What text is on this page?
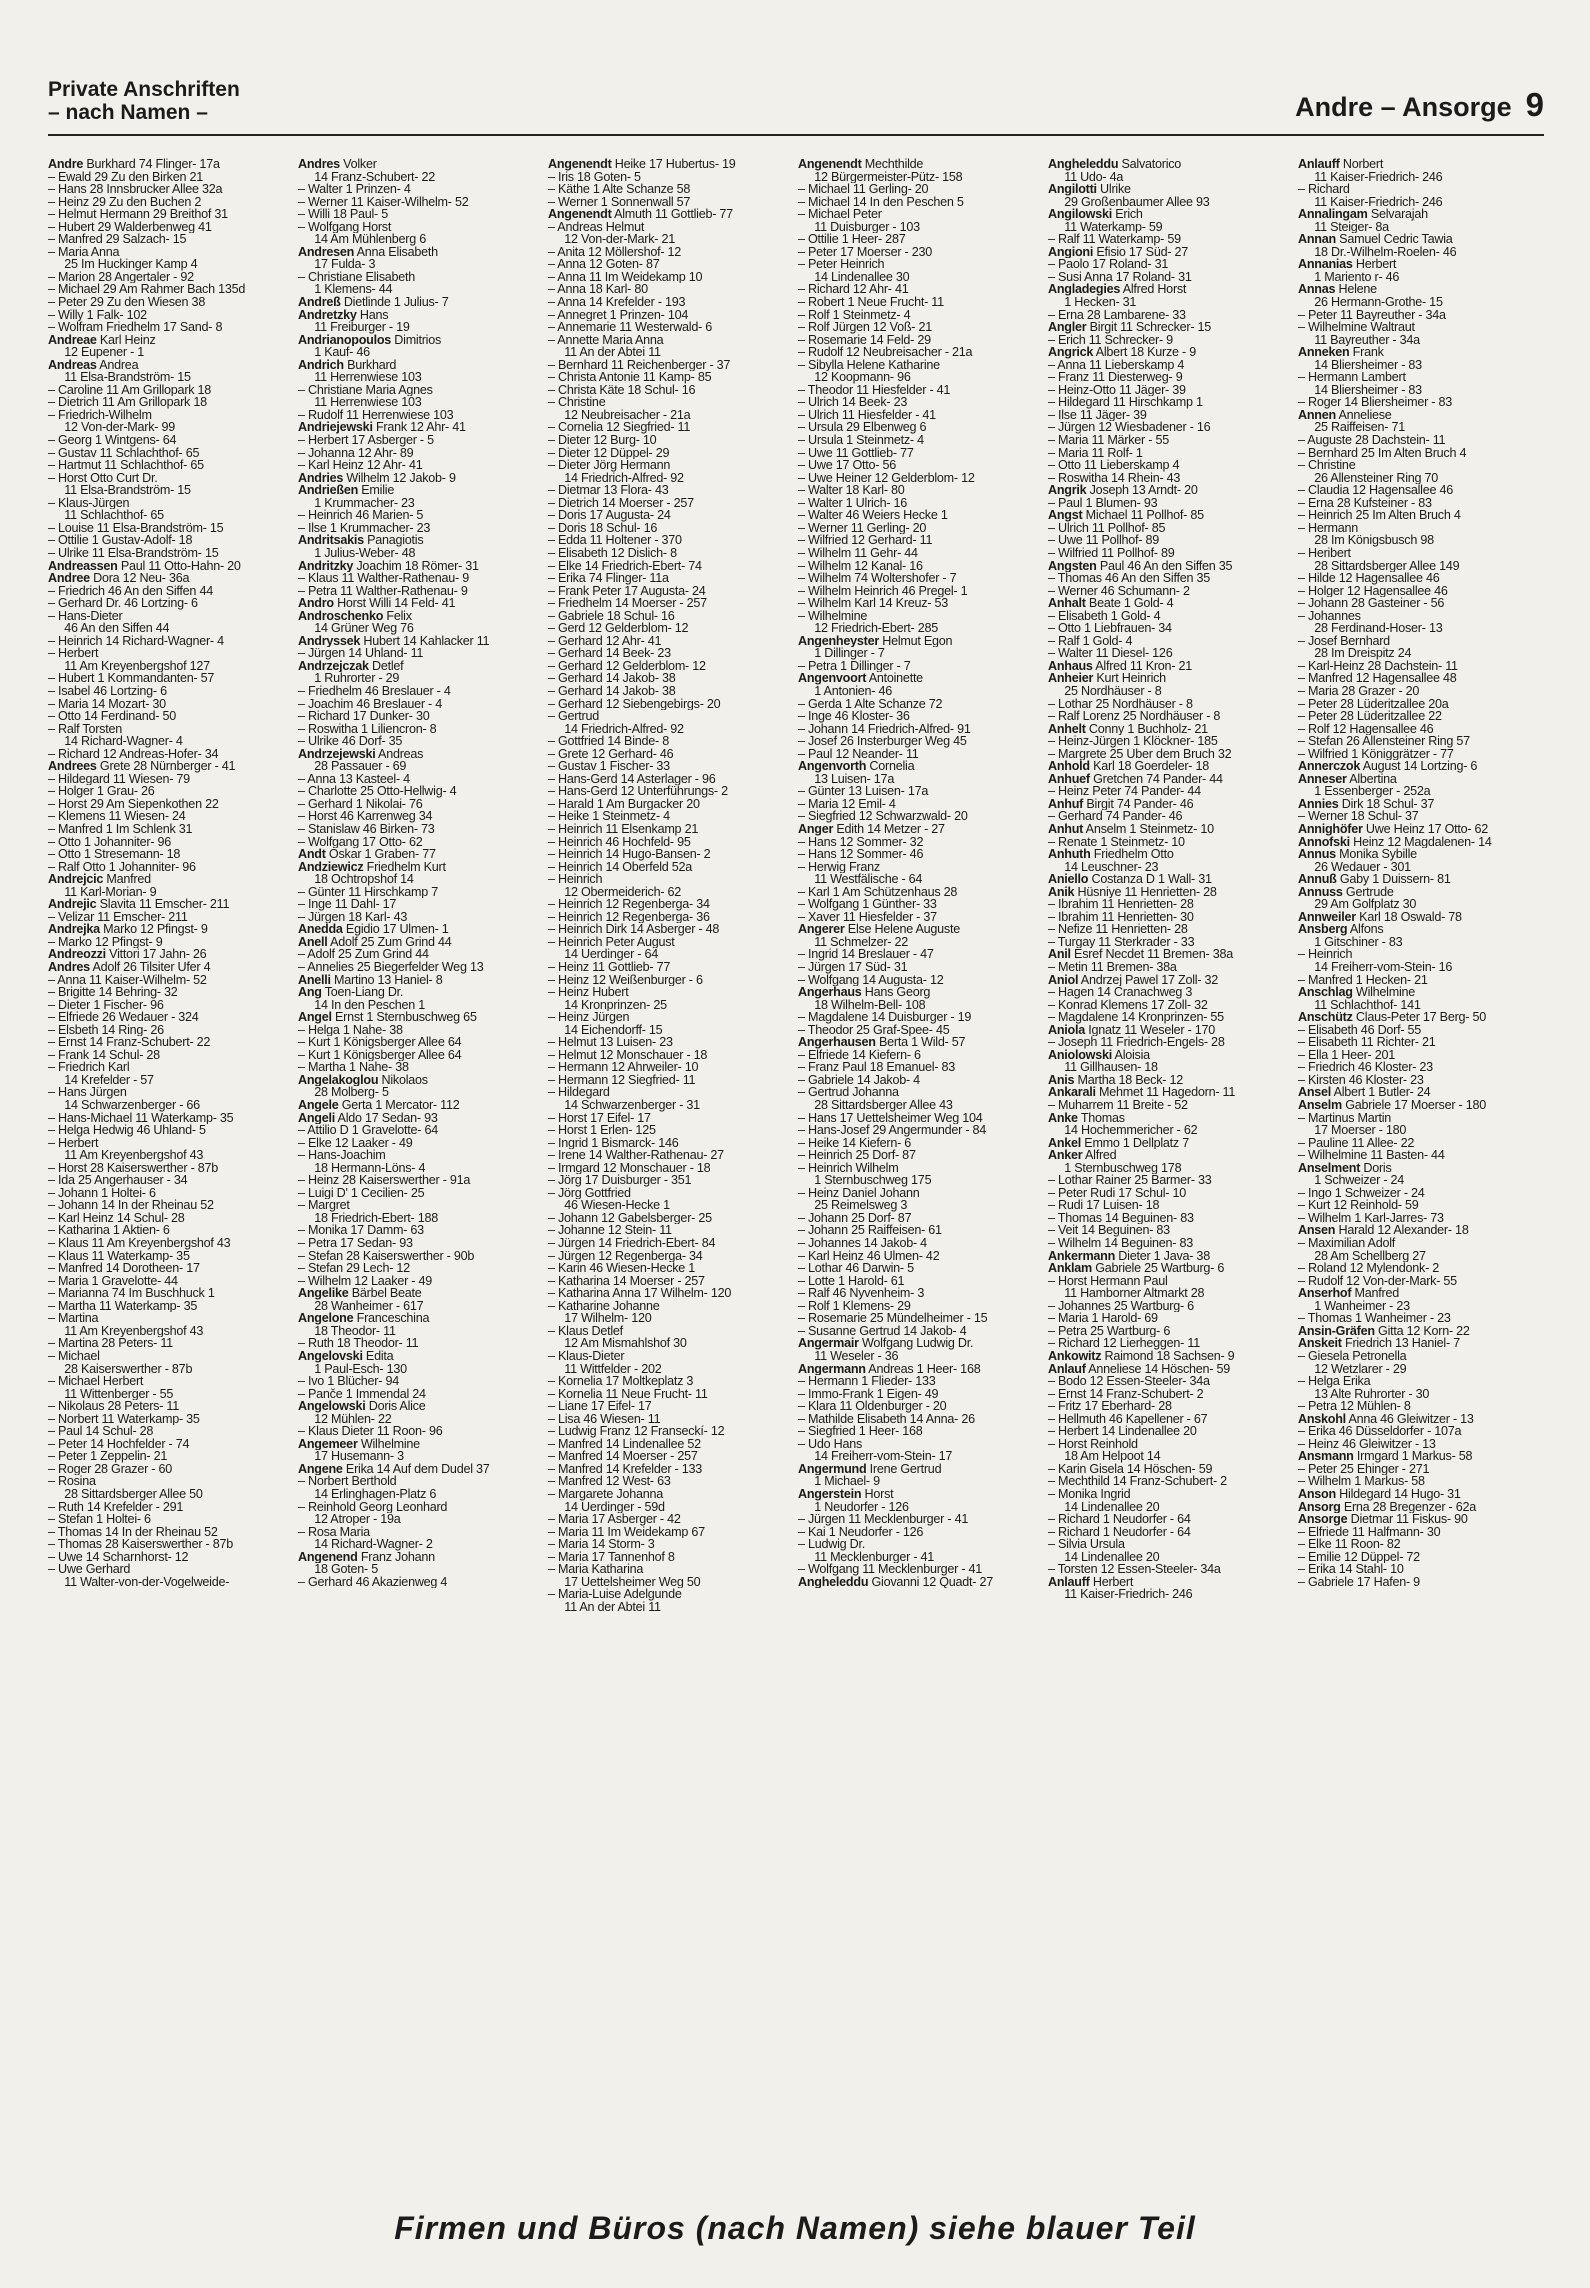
Private Anschriften
– nach Namen –	Andre – Ansorge 9
Andre Burkhard 74 Flinger- 17a
– Ewald 29 Zu den Birken 21
– Hans 28 Innsbrucker Allee 32a
– Heinz 29 Zu den Buchen 2
– Helmut Hermann 29 Breithof 31
– Hubert 29 Walderbenweg 41
– Manfred 29 Salzach- 15
– Maria Anna
25 Im Huckinger Kamp 4
– Marion 28 Angertaler - 92
– Michael 29 Am Rahmer Bach 135d
– Peter 29 Zu den Wiesen 38
– Willy 1 Falk- 102
– Wolfram Friedhelm 17 Sand- 8
Andreae Karl Heinz
12 Eupener - 1
Andreas Andrea
11 Elsa-Brandström- 15
– Caroline 11 Am Grillopark 18
– Dietrich 11 Am Grillopark 18
– Friedrich-Wilhelm
12 Von-der-Mark- 99
– Georg 1 Wintgens- 64
– Gustav 11 Schlachthof- 65
– Hartmut 11 Schlachthof- 65
– Horst Otto Curt Dr.
11 Elsa-Brandström- 15
– Klaus-Jürgen
11 Schlachthof- 65
– Louise 11 Elsa-Brandström- 15
– Ottilie 1 Gustav-Adolf- 18
– Ulrike 11 Elsa-Brandström- 15
Andreassen Paul 11 Otto-Hahn- 20
Andree Dora 12 Neu- 36a
– Friedrich 46 An den Siffen 44
– Gerhard Dr. 46 Lortzing- 6
– Hans-Dieter
46 An den Siffen 44
– Heinrich 14 Richard-Wagner- 4
– Herbert
11 Am Kreyenbergshof 127
– Hubert 1 Kommandanten- 57
– Isabel 46 Lortzing- 6
– Maria 14 Mozart- 30
– Otto 14 Ferdinand- 50
– Ralf Torsten
14 Richard-Wagner- 4
– Richard 12 Andreas-Hofer- 34
Andrees Grete 28 Nürnberger - 41
– Hildegard 11 Wiesen- 79
– Holger 1 Grau- 26
– Horst 29 Am Siepenkothen 22
– Klemens 11 Wiesen- 24
– Manfred 1 Im Schlenk 31
– Otto 1 Johanniter- 96
– Otto 1 Stresemann- 18
– Ralf Otto 1 Johanniter- 96
Andrejcic Manfred
11 Karl-Morian- 9
Andrejic Slavita 11 Emscher- 211
– Velizar 11 Emscher- 211
Andrejka Marko 12 Pfingst- 9
– Marko 12 Pfingst- 9
Andreozzi Vittori 17 Jahn- 26
Andres Adolf 26 Tilsiter Ufer 4
– Anna 11 Kaiser-Wilhelm- 52
– Brigitte 14 Behring- 32
– Dieter 1 Fischer- 96
– Elfriede 26 Wedauer - 324
– Elsbeth 14 Ring- 26
– Ernst 14 Franz-Schubert- 22
– Frank 14 Schul- 28
– Friedrich Karl
14 Krefelder - 57
– Hans Jürgen
14 Schwarzenberger - 66
– Hans-Michael 11 Waterkamp- 35
– Helga Hedwig 46 Uhland- 5
– Herbert
11 Am Kreyenbergshof 43
– Horst 28 Kaiserswerther - 87b
– Ida 25 Angerhauser - 34
– Johann 1 Holtei- 6
– Johann 14 In der Rheinau 52
– Karl Heinz 14 Schul- 28
– Katharina 1 Aktien- 6
– Klaus 11 Am Kreyenbergshof 43
– Klaus 11 Waterkamp- 35
– Manfred 14 Dorotheen- 17
– Maria 1 Gravelotte- 44
– Marianna 74 Im Buschhuck 1
– Martha 11 Waterkamp- 35
– Martina
11 Am Kreyenbergshof 43
– Martina 28 Peters- 11
– Michael
28 Kaiserswerther - 87b
– Michael Herbert
11 Wittenberger - 55
– Nikolaus 28 Peters- 11
– Norbert 11 Waterkamp- 35
– Paul 14 Schul- 28
– Peter 14 Hochfelder - 74
– Peter 1 Zeppelin- 21
– Roger 28 Grazer - 60
– Rosina
28 Sittardsberger Allee 50
– Ruth 14 Krefelder - 291
– Stefan 1 Holtei- 6
– Thomas 14 In der Rheinau 52
– Thomas 28 Kaiserswerther - 87b
– Uwe 14 Scharnhorst- 12
– Uwe Gerhard
11 Walter-von-der-Vogelweide-
Andres Volker
14 Franz-Schubert- 22
– Walter 1 Prinzen- 4
– Werner 11 Kaiser-Wilhelm- 52
– Willi 18 Paul- 5
– Wolfgang Horst
14 Am Mühlenberg 6
Andresen Anna Elisabeth
17 Fulda- 3
– Christiane Elisabeth
1 Klemens- 44
Andreß Dietlinde 1 Julius- 7
Andretzky Hans
11 Freiburger - 19
Andrianopoulos Dimitrios
1 Kauf- 46
Andrich Burkhard
11 Herrenwiese 103
– Christiane Maria Agnes
11 Herrenwiese 103
– Rudolf 11 Herrenwiese 103
Andriejewski Frank 12 Ahr- 41
– Herbert 17 Asberger - 5
– Johanna 12 Ahr- 89
– Karl Heinz 12 Ahr- 41
Andries Wilhelm 12 Jakob- 9
Andrießen Emilie
1 Krummacher- 23
– Heinrich 46 Marien- 5
– Ilse 1 Krummacher- 23
Andritsakis Panagiotis
1 Julius-Weber- 48
Andritzky Joachim 18 Römer- 31
– Klaus 11 Walther-Rathenau- 9
– Petra 11 Walther-Rathenau- 9
Andro Horst Willi 14 Feld- 41
Androschenko Felix
14 Grüner Weg 76
Andryssek Hubert 14 Kahlacker 11
– Jürgen 14 Uhland- 11
Andrzejczak Detlef
1 Ruhrorter - 29
– Friedhelm 46 Breslauer - 4
– Joachim 46 Breslauer - 4
– Richard 17 Dunker- 30
– Roswitha 1 Liliencron- 8
– Ulrike 46 Dorf- 35
Andrzejewski Andreas
28 Passauer - 69
– Anna 13 Kasteel- 4
– Charlotte 25 Otto-Hellwig- 4
– Gerhard 1 Nikolai- 76
– Horst 46 Karrenweg 34
– Stanislaw 46 Birken- 73
– Wolfgang 17 Otto- 62
Andt Oskar 1 Graben- 77
Andziewicz Friedhelm Kurt
18 Ochtropshof 14
– Günter 11 Hirschkamp 7
– Inge 11 Dahl- 17
– Jürgen 18 Karl- 43
Anedda Egidio 17 Ulmen- 1
Anell Adolf 25 Zum Grind 44
– Adolf 25 Zum Grind 44
– Annelies 25 Biegerfelder Weg 13
Anelli Martino 13 Haniel- 8
Ang Toen-Liang Dr.
14 In den Peschen 1
Angel Ernst 1 Sternbuschweg 65
– Helga 1 Nahe- 38
– Kurt 1 Königsberger Allee 64
– Kurt 1 Königsberger Allee 64
– Martha 1 Nahe- 38
Angelakoglou Nikolaos
28 Molberg- 5
Angele Gerta 1 Mercator- 112
Angeli Aldo 17 Sedan- 93
– Attilio D 1 Gravelotte- 64
– Elke 12 Laaker - 49
– Hans-Joachim
18 Hermann-Löns- 4
– Heinz 28 Kaiserswerther - 91a
– Luigi D' 1 Cecilien- 25
– Margret
18 Friedrich-Ebert- 188
– Monika 17 Damm- 63
– Petra 17 Sedan- 93
– Stefan 28 Kaiserswerther - 90b
– Stefan 29 Lech- 12
– Wilhelm 12 Laaker - 49
Angelike Bärbel Beate
28 Wanheimer - 617
Angelone Franceschina
18 Theodor- 11
– Ruth 18 Theodor- 11
Angelovski Edita
1 Paul-Esch- 130
– Ivo 1 Blücher- 94
– Panče 1 Immendal 24
Angelowski Doris Alice
12 Mühlen- 22
– Klaus Dieter 11 Roon- 96
Angemeer Wilhelmine
17 Husemann- 3
Angene Erika 14 Auf dem Dudel 37
– Norbert Berthold
14 Erlinghagen-Platz 6
– Reinhold Georg Leonhard
12 Atroper - 19a
– Rosa Maria
14 Richard-Wagner- 2
Angenend Franz Johann
18 Goten- 5
– Gerhard 46 Akazienweg 4
Angenendt Heike 17 Hubertus- 19
– Iris 18 Goten- 5
– Käthe 1 Alte Schanze 58
– Werner 1 Sonnenwall 57
Angenendt Almuth 11 Gottlieb- 77
– Andreas Helmut
12 Von-der-Mark- 21
– Anita 12 Möllershof- 12
– Anna 12 Goten- 87
– Anna 11 Im Weidekamp 10
– Anna 18 Karl- 80
– Anna 14 Krefelder - 193
– Annegret 1 Prinzen- 104
– Annemarie 11 Westerwald- 6
– Annette Maria Anna
11 An der Abtei 11
– Bernhard 11 Reichenberger - 37
– Christa Antonie 11 Kamp- 85
– Christa Käte 18 Schul- 16
– Christine
12 Neubreisacher - 21a
– Cornelia 12 Siegfried- 11
– Dieter 12 Burg- 10
– Dieter 12 Düppel- 29
– Dieter Jörg Hermann
14 Friedrich-Alfred- 92
– Dietmar 13 Flora- 43
– Dietrich 14 Moerser - 257
– Doris 17 Augusta- 24
– Doris 18 Schul- 16
– Edda 11 Holtener - 370
– Elisabeth 12 Dislich- 8
– Elke 14 Friedrich-Ebert- 74
– Erika 74 Flinger- 11a
– Frank Peter 17 Augusta- 24
– Friedhelm 14 Moerser - 257
– Gabriele 18 Schul- 16
– Gerd 12 Gelderblom- 12
– Gerhard 12 Ahr- 41
– Gerhard 14 Beek- 23
– Gerhard 12 Gelderblom- 12
– Gerhard 14 Jakob- 38
– Gerhard 14 Jakob- 38
– Gerhard 12 Siebengebirgs- 20
– Gertrud
14 Friedrich-Alfred- 92
– Gottfried 14 Binde- 8
– Grete 12 Gerhard- 46
– Gustav 1 Fischer- 33
– Hans-Gerd 14 Asterlager - 96
– Hans-Gerd 12 Unterführungs- 2
– Harald 1 Am Burgacker 20
– Heike 1 Steinmetz- 4
– Heinrich 11 Elsenkamp 21
– Heinrich 46 Hochfeld- 95
– Heinrich 14 Hugo-Bansen- 2
– Heinrich 14 Oberfeld 52a
– Heinrich
12 Obermeiderich- 62
– Heinrich 12 Regenberga- 34
– Heinrich 12 Regenberga- 36
– Heinrich Dirk 14 Asberger - 48
– Heinrich Peter August
14 Uerdinger - 64
– Heinz 11 Gottlieb- 77
– Heinz 12 Weißenburger - 6
– Heinz Hubert
14 Kronprinzen- 25
– Heinz Jürgen
14 Eichendorff- 15
– Helmut 13 Luisen- 23
– Helmut 12 Monschauer - 18
– Hermann 12 Ahrweiler- 10
– Hermann 12 Siegfried- 11
– Hildegard
14 Schwarzenberger - 31
– Horst 17 Eifel- 17
– Horst 1 Erlen- 125
– Ingrid 1 Bismarck- 146
– Irene 14 Walther-Rathenau- 27
– Irmgard 12 Monschauer - 18
– Jörg 17 Duisburger - 351
– Jörg Gottfried
46 Wiesen-Hecke 1
– Johann 12 Gabelsberger- 25
– Johanne 12 Stein- 11
– Jürgen 14 Friedrich-Ebert- 84
– Jürgen 12 Regenberga- 34
– Karin 46 Wiesen-Hecke 1
– Katharina 14 Moerser - 257
– Katharina Anna 17 Wilhelm- 120
– Katharine Johanne
17 Wilhelm- 120
– Klaus Detlef
12 Am Mismahlshof 30
– Klaus-Dieter
11 Wittfelder - 202
– Kornelia 17 Moltkeplatz 3
– Kornelia 11 Neue Frucht- 11
– Liane 17 Eifel- 17
– Lisa 46 Wiesen- 11
– Ludwig Franz 12 Franseckí- 12
– Manfred 14 Lindenallee 52
– Manfred 14 Moerser - 257
– Manfred 14 Krefelder - 133
– Manfred 12 West- 63
– Margarete Johanna
14 Uerdinger - 59d
– Maria 17 Asberger - 42
– Maria 11 Im Weidekamp 67
– Maria 14 Storm- 3
– Maria 17 Tannenhof 8
– Maria Katharina
17 Uettelsheimer Weg 50
– Maria-Luise Adelgunde
11 An der Abtei 11
Angenendt Mechthilde
12 Bürgermeister-Pütz- 158
– Michael 11 Gerling- 20
– Michael 14 In den Peschen 5
– Michael Peter
11 Duisburger - 103
– Ottilie 1 Heer- 287
– Peter 17 Moerser - 230
– Peter Heinrich
14 Lindenallee 30
– Richard 12 Ahr- 41
– Robert 1 Neue Frucht- 11
– Rolf 1 Steinmetz- 4
– Rolf Jürgen 12 Voß- 21
– Rosemarie 14 Feld- 29
– Rudolf 12 Neubreisacher - 21a
– Sibylla Helene Katharine
12 Koopmann- 96
– Theodor 11 Hiesfelder - 41
– Ulrich 14 Beek- 23
– Ulrich 11 Hiesfelder - 41
– Ursula 29 Elbenweg 6
– Ursula 1 Steinmetz- 4
– Uwe 11 Gottlieb- 77
– Uwe 17 Otto- 56
– Uwe Heiner 12 Gelderblom- 12
– Walter 18 Karl- 80
– Walter 1 Ulrich- 16
– Walter 46 Weiers Hecke 1
– Werner 11 Gerling- 20
– Wilfried 12 Gerhard- 11
– Wilhelm 11 Gehr- 44
– Wilhelm 12 Kanal- 16
– Wilhelm 74 Woltershofer - 7
– Wilhelm Heinrich 46 Pregel- 1
– Wilhelm Karl 14 Kreuz- 53
– Wilhelmine
12 Friedrich-Ebert- 285
Angenheyster Helmut Egon
1 Dillinger - 7
– Petra 1 Dillinger - 7
Angenvoort Antoinette
1 Antonien- 46
– Gerda 1 Alte Schanze 72
– Inge 46 Kloster- 36
– Johann 14 Friedrich-Alfred- 91
– Josef 26 Insterburger Weg 45
– Paul 12 Neander- 11
Angenvorth Cornelia
13 Luisen- 17a
– Günter 13 Luisen- 17a
– Maria 12 Emil- 4
– Siegfried 12 Schwarzwald- 20
Anger Edith 14 Metzer - 27
– Hans 12 Sommer- 32
– Hans 12 Sommer- 46
– Herwig Franz
11 Westfälische - 64
– Karl 1 Am Schützenhaus 28
– Wolfgang 1 Günther- 33
– Xaver 11 Hiesfelder - 37
Angerer Else Helene Auguste
11 Schmelzer- 22
– Ingrid 14 Breslauer - 47
– Jürgen 17 Süd- 31
– Wolfgang 14 Augusta- 12
Angerhaus Hans Georg
18 Wilhelm-Bell- 108
– Magdalene 14 Duisburger - 19
– Theodor 25 Graf-Spee- 45
Angerhausen Berta 1 Wild- 57
– Elfriede 14 Kiefern- 6
– Franz Paul 18 Emanuel- 83
– Gabriele 14 Jakob- 4
– Gertrud Johanna
28 Sittardsberger Allee 43
– Hans 17 Uettelsheimer Weg 104
– Hans-Josef 29 Angermunder - 84
– Heike 14 Kiefern- 6
– Heinrich 25 Dorf- 87
– Heinrich Wilhelm
1 Sternbuschweg 175
– Heinz Daniel Johann
25 Reimelsweg 3
– Johann 25 Dorf- 87
– Johann 25 Raiffeisen- 61
– Johannes 14 Jakob- 4
– Karl Heinz 46 Ulmen- 42
– Lothar 46 Darwin- 5
– Lotte 1 Harold- 61
– Ralf 46 Nyvenheim- 3
– Rolf 1 Klemens- 29
– Rosemarie 25 Mündelheimer - 15
– Susanne Gertrud 14 Jakob- 4
Angermair Wolfgang Ludwig Dr.
11 Weseler - 36
Angermann Andreas 1 Heer- 168
– Hermann 1 Flieder- 133
– Immo-Frank 1 Eigen- 49
– Klara 11 Oldenburger - 20
– Mathilde Elisabeth 14 Anna- 26
– Siegfried 1 Heer- 168
– Udo Hans
14 Freiherr-vom-Stein- 17
Angermund Irene Gertrud
1 Michael- 9
Angerstein Horst
1 Neudorfer - 126
– Jürgen 11 Mecklenburger - 41
– Kai 1 Neudorfer - 126
– Ludwig Dr.
11 Mecklenburger - 41
– Wolfgang 11 Mecklenburger - 41
Angheleddu Giovanni 12 Quadt- 27
Angheleddu Salvatorico
11 Udo- 4a
Angilotti Ulrike
29 Großenbaumer Allee 93
Angilowski Erich
11 Waterkamp- 59
– Ralf 11 Waterkamp- 59
Angioni Efisio 17 Süd- 27
– Paolo 17 Roland- 31
– Susi Anna 17 Roland- 31
Angladegies Alfred Horst
1 Hecken- 31
– Erna 28 Lambarene- 33
Angler Birgit 11 Schrecker- 15
– Erich 11 Schrecker- 9
Angrick Albert 18 Kurze - 9
– Anna 11 Lieberskamp 4
– Franz 11 Diesterweg- 9
– Heinz-Otto 11 Jäger- 39
– Hildegard 11 Hirschkamp 1
– Ilse 11 Jäger- 39
– Jürgen 12 Wiesbadener - 16
– Maria 11 Märker - 55
– Maria 11 Rolf- 1
– Otto 11 Lieberskamp 4
– Roswitha 14 Rhein- 43
Angrik Joseph 13 Arndt- 20
– Paul 1 Blumen- 93
Angst Michael 11 Pollhof- 85
– Ulrich 11 Pollhof- 85
– Uwe 11 Pollhof- 89
– Wilfried 11 Pollhof- 89
Angsten Paul 46 An den Siffen 35
– Thomas 46 An den Siffen 35
– Werner 46 Schumann- 2
Anhalt Beate 1 Gold- 4
– Elisabeth 1 Gold- 4
– Otto 1 Liebfrauen- 34
– Ralf 1 Gold- 4
– Walter 11 Diesel- 126
Anhaus Alfred 11 Kron- 21
Anheier Kurt Heinrich
25 Nordhäuser - 8
– Lothar 25 Nordhäuser - 8
– Ralf Lorenz 25 Nordhäuser - 8
Anhelt Conny 1 Buchholz- 21
– Heinz-Jürgen 1 Klöckner- 185
– Margrete 25 Über dem Bruch 32
Anhold Karl 18 Goerdeler- 18
Anhuef Gretchen 74 Pander- 44
– Heinz Peter 74 Pander- 44
Anhuf Birgit 74 Pander- 46
– Gerhard 74 Pander- 46
Anhut Anselm 1 Steinmetz- 10
– Renate 1 Steinmetz- 10
Anhuth Friedhelm Otto
14 Leuschner- 23
Aniello Costanza D 1 Wall- 31
Anik Hüsniye 11 Henrietten- 28
– Ibrahim 11 Henrietten- 28
– Ibrahim 11 Henrietten- 30
– Nefize 11 Henrietten- 28
– Turgay 11 Sterkrader - 33
Anil Esref Necdet 11 Bremen- 38a
– Metin 11 Bremen- 38a
Aniol Andrzej Pawel 17 Zoll- 32
– Hagen 14 Cranachweg 3
– Konrad Klemens 17 Zoll- 32
– Magdalene 14 Kronprinzen- 55
Aniola Ignatz 11 Weseler - 170
– Joseph 11 Friedrich-Engels- 28
Aniolowski Aloisia
11 Gillhausen- 18
Anis Martha 18 Beck- 12
Ankarali Mehmet 11 Hagedorn- 11
– Muharrem 11 Breite - 52
Anke Thomas
14 Hochemmericher - 62
Ankel Emmo 1 Dellplatz 7
Anker Alfred
1 Sternbuschweg 178
– Lothar Rainer 25 Barmer- 33
– Peter Rudi 17 Schul- 10
– Rudi 17 Luisen- 18
– Thomas 14 Beguinen- 83
– Veit 14 Beguinen- 83
– Wilhelm 14 Beguinen- 83
Ankermann Dieter 1 Java- 38
Anklam Gabriele 25 Wartburg- 6
– Horst Hermann Paul
11 Hamborner Altmarkt 28
– Johannes 25 Wartburg- 6
– Maria 1 Harold- 69
– Petra 25 Wartburg- 6
– Richard 12 Lierheggen- 11
Ankowitz Raimond 18 Sachsen- 9
Anlauf Anneliese 14 Höschen- 59
– Bodo 12 Essen-Steeler- 34a
– Ernst 14 Franz-Schubert- 2
– Fritz 17 Eberhard- 28
– Hellmuth 46 Kapellener - 67
– Herbert 14 Lindenallee 20
– Horst Reinhold
18 Am Helpoot 14
– Karin Gisela 14 Höschen- 59
– Mechthild 14 Franz-Schubert- 2
– Monika Ingrid
14 Lindenallee 20
– Richard 1 Neudorfer - 64
– Richard 1 Neudorfer - 64
– Silvia Ursula
14 Lindenallee 20
– Torsten 12 Essen-Steeler- 34a
Anlauff Herbert
11 Kaiser-Friedrich- 246
Anlauff Norbert
11 Kaiser-Friedrich- 246
– Richard
11 Kaiser-Friedrich- 246
Annalingam Selvarajah
11 Steiger- 8a
Annan Samuel Cedric Tawia
18 Dr.-Wilhelm-Roelen- 46
Annanias Herbert
1 Mariento r- 46
Annas Helene
26 Hermann-Grothe- 15
– Peter 11 Bayreuther - 34a
– Wilhelmine Waltraut
11 Bayreuther - 34a
Anneken Frank
14 Bliersheimer - 83
– Hermann Lambert
14 Bliersheimer - 83
– Roger 14 Bliersheimer - 83
Annen Anneliese
25 Raiffeisen- 71
– Auguste 28 Dachstein- 11
– Bernhard 25 Im Alten Bruch 4
– Christine
26 Allensteiner Ring 70
– Claudia 12 Hagensallee 46
– Erna 28 Kufsteiner - 83
– Heinrich 25 Im Alten Bruch 4
– Hermann
28 Im Königsbusch 98
– Heribert
28 Sittardsberger Allee 149
– Hilde 12 Hagensallee 46
– Holger 12 Hagensallee 46
– Johann 28 Gasteiner - 56
– Johannes
28 Ferdinand-Hoser- 13
– Josef Bernhard
28 Im Dreispitz 24
– Karl-Heinz 28 Dachstein- 11
– Manfred 12 Hagensallee 48
– Maria 28 Grazer - 20
– Peter 28 Lüderitzallee 20a
– Peter 28 Lüderitzallee 22
– Rolf 12 Hagensallee 46
– Stefan 26 Allensteiner Ring 57
– Wilfried 1 Königgrätzer - 77
Annerczok August 14 Lortzing- 6
Anneser Albertina
1 Essenberger - 252a
Annies Dirk 18 Schul- 37
– Werner 18 Schul- 37
Annighöfer Uwe Heinz 17 Otto- 62
Annofski Heinz 12 Magdalenen- 14
Annus Monika Sybille
26 Wedauer - 301
Annuß Gaby 1 Duissern- 81
Annuss Gertrude
29 Am Golfplatz 30
Annweiler Karl 18 Oswald- 78
Ansberg Alfons
1 Gitschiner - 83
– Heinrich
14 Freiherr-vom-Stein- 16
– Manfred 1 Hecken- 21
Anschlag Wilhelmine
11 Schlachthof- 141
Anschütz Claus-Peter 17 Berg- 50
– Elisabeth 46 Dorf- 55
– Elisabeth 11 Richter- 21
– Ella 1 Heer- 201
– Friedrich 46 Kloster- 23
– Kirsten 46 Kloster- 23
Ansel Albert 1 Butler- 24
Anselm Gabriele 17 Moerser - 180
– Martinus Martin
17 Moerser - 180
– Pauline 11 Allee- 22
– Wilhelmine 11 Basten- 44
Anselment Doris
1 Schweizer - 24
– Ingo 1 Schweizer - 24
– Kurt 12 Reinhold- 59
– Wilhelm 1 Karl-Jarres- 73
Ansen Harald 12 Alexander- 18
– Maximilian Adolf
28 Am Schellberg 27
– Roland 12 Mylendonk- 2
– Rudolf 12 Von-der-Mark- 55
Anserhof Manfred
1 Wanheimer - 23
– Thomas 1 Wanheimer - 23
Ansin-Gräfen Gitta 12 Korn- 22
Anskeit Friedrich 13 Haniel- 7
– Giesela Petronella
12 Wetzlarer - 29
– Helga Erika
13 Alte Ruhrorter - 30
– Petra 12 Mühlen- 8
Anskohl Anna 46 Gleiwitzer - 13
– Erika 46 Düsseldorfer - 107a
– Heinz 46 Gleiwitzer - 13
Ansmann Irmgard 1 Markus- 58
– Peter 25 Ehinger - 271
– Wilhelm 1 Markus- 58
Anson Hildegard 14 Hugo- 31
Ansorg Erna 28 Bregenzer - 62a
Ansorge Dietmar 11 Fiskus- 90
– Elfriede 11 Halfmann- 30
– Elke 11 Roon- 82
– Emilie 12 Düppel- 72
– Erika 14 Stahl- 10
– Gabriele 17 Hafen- 9
Firmen und Büros (nach Namen) siehe blauer Teil
